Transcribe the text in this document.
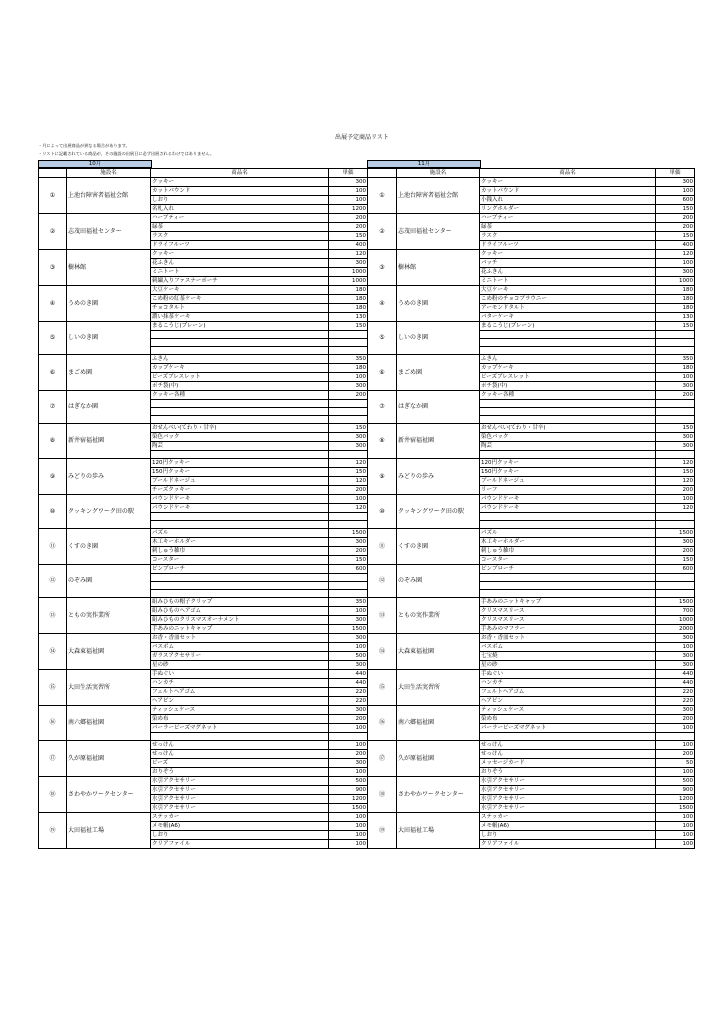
出展予定商品リスト
・月によって出展商品が異なる場合があります。
・リストに記載されている商品が、その施設の出展日に必ず出展されるわけではありません。
10月	11月
	施設名	商品名	単価
①	上池台障害者福祉会館	クッキー	300
		カットパウンド	100
		しおり	100
		名札入れ	1200
②	志茂田福祉センター	ハーブティー	200
		緑茶	200
		ラスク	150
		ドライフルーツ	400
③	樹林館	クッキー	120
		花ふきん	300
		ミニトート	1000
		刺繍入りファスナーポーチ	1000
④	うめのき園	大豆ケーキ	180
		こめ粉の紅茶ケーキ	180
		チョコタルト	180
		濃い抹茶ケーキ	130
⑤	しいのき園	まるこうじ(プレーン)	150

⑥	まごめ園	ふきん	350
		カップケーキ	180
		ビーズブレスレット	100
		ポチ袋(中)	300
⑦	はぎなか園	クッキー各種	200

⑧	新井宿福祉園	おせんべい(てわり・甘辛)	150
		染色バック	300
		陶芸	300

⑨	みどりの歩み	120円クッキー	120
		150円クッキー	150
		ブールドネージュ	120
		チーズクッキー	200
⑩	クッキングワーク田の駅	パウンドケーキ	100
		パウンドケーキ	120

⑪	くすのき園	パズル	1500
		木工キーホルダー	300
		刺しゅう雑巾	200
		コースター	150
⑫	のぞみ園	ピンブローチ	600

⑬	ともの実作業所	組みひもの帽子クリップ	350
		組みひものヘアゴム	100
		組みひものクリスマスオーナメント	300
		手あみのニットキャップ	1500
⑭	大森東福祉園	お香・香皿セット	300
		バスボム	100
		ガラスアクセサリー	500
		星の砂	300
⑮	大田生活実習所	手ぬぐい	440
		ハンカチ	440
		フェルトヘアゴム	220
		ヘアピン	220
⑯	南六郷福祉園	ティッシュケース	300
		染め布	200
		パーラービーズマグネット	100

⑰	久が原福祉園	せっけん	100
		せっけん	200
		ビーズ	300
		おりぞう	100
⑱	さわやかワークセンター	水引アクセサリー	500
		水引アクセサリー	900
		水引アクセサリー	1200
		水引アクセサリー	1500
⑲	大田福祉工場	ステッカー	100
		メモ帳(A6)	100
		しおり	100
		クリアファイル	100
	施設名	商品名	単価
①	上池台障害者福祉会館	クッキー	300
		カットパウンド	100
		小銭入れ	600
		リングホルダー	150
②	志茂田福祉センター	ハーブティー	200
		緑茶	200
		ラスク	150
		ドライフルーツ	400
③	樹林館	クッキー	120
		バッチ	100
		花ふきん	300
		ミニトート	1000
④	うめのき園	大豆ケーキ	180
		こめ粉のチョコブラウニー	180
		アーモンドタルト	180
		バターケーキ	130
⑤	しいのき園	まるこうじ(プレーン)	150

⑥	まごめ園	ふきん	350
		カップケーキ	180
		ビーズブレスレット	100
		ポチ袋(中)	300
⑦	はぎなか園	クッキー各種	200

⑧	新井宿福祉園	おせんべい(てわり・甘辛)	150
		染色バック	300
		陶芸	300

⑨	みどりの歩み	120円クッキー	120
		150円クッキー	150
		ブールドネージュ	120
		リーフ	200
⑩	クッキングワーク田の駅	パウンドケーキ	100
		パウンドケーキ	120

⑪	くすのき園	パズル	1500
		木工キーホルダー	300
		刺しゅう雑巾	200
		コースター	150
⑫	のぞみ園	ピンブローチ	600

⑬	ともの実作業所	手あみのニットキャップ	1500
		クリスマスリース	700
		クリスマスリース	1000
		手あみのマフラー	2000
⑭	大森東福祉園	お香・香皿セット	300
		バスボム	100
		七宝焼	300
		星の砂	300
⑮	大田生活実習所	手ぬぐい	440
		ハンカチ	440
		フェルトヘアゴム	220
		ヘアピン	220
⑯	南六郷福祉園	ティッシュケース	300
		染め布	200
		パーラービーズマグネット	100

⑰	久が原福祉園	せっけん	100
		せっけん	200
		メッセージカード	50
		おりぞう	100
⑱	さわやかワークセンター	水引アクセサリー	500
		水引アクセサリー	900
		水引アクセサリー	1200
		水引アクセサリー	1500
⑲	大田福祉工場	ステッカー	100
		メモ帳(A6)	100
		しおり	100
		クリアファイル	100
